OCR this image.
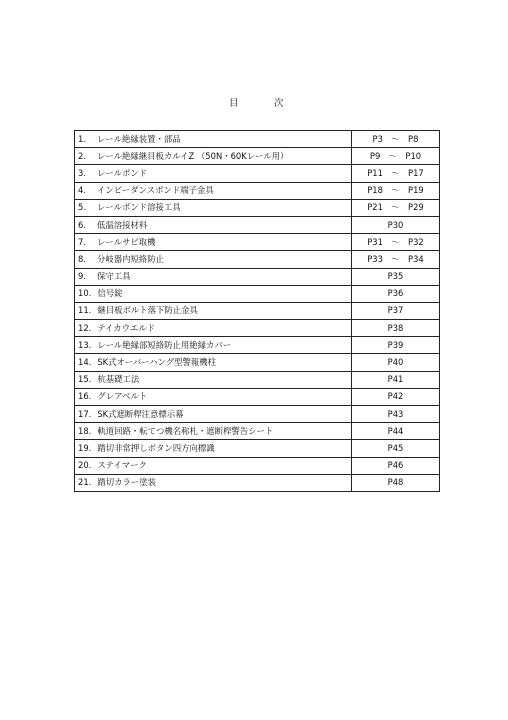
目	次
1. レール絶縁装置・部品	P3　～　P8
2. レール絶縁継目板カルイZ （50N・60Kレール用）	P9　～　P10
3. レールボンド	P11　～　P17
4. インピーダンスボンド端子金具	P18　～　P19
5. レールボンド溶接工具	P21　～　P29
6. 低温溶接材料	P30
7. レールサビ取機	P31　～　P32
8. 分岐器内短絡防止	P33　～　P34
9. 保守工具	P35
10. 信号錠	P36
11. 継目板ボルト落下防止金具	P37
12. テイカウエルド	P38
13. レール絶縁部短絡防止用絶縁カバー	P39
14. SK式オーバーハング型警報機柱	P40
15. 杭基礎工法	P41
16. グレアベルト	P42
17. SK式遮断桿注意標示幕	P43
18. 軌道回路・転てつ機名称札・遮断桿警告シート	P44
19. 踏切非常押しボタン四方向標識	P45
20. ステイマーク	P46
21. 踏切カラー塗装	P48
